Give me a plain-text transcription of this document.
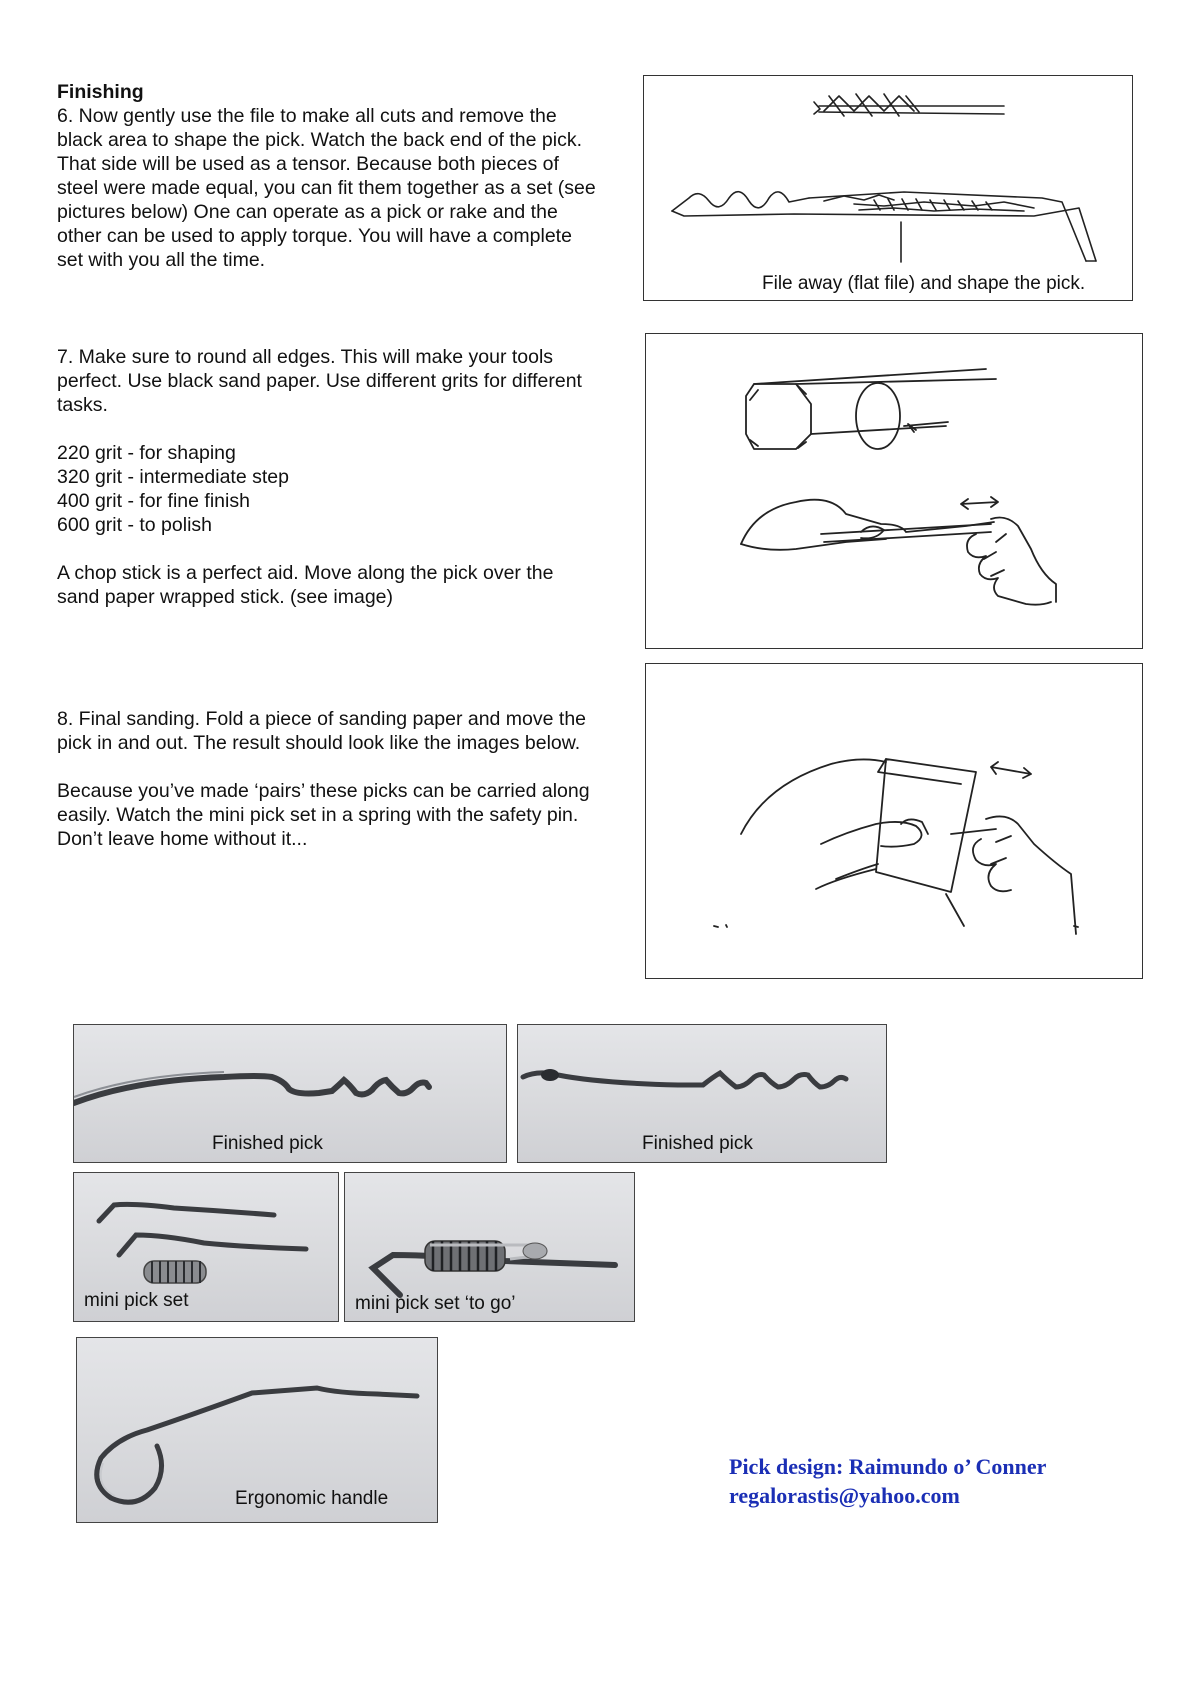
Finishing

6. Now gently use the file to make all cuts and remove the

black area to shape the pick. Watch the back end of the pick.

That side will be used as a tensor. Because both pieces of

steel were made equal, you can fit them together as a set (see

pictures below) One can operate as a pick or rake and the

other can be used to apply torque. You will have a complete

set with you all the time.

File away (flat file) and shape the pick.

7. Make sure to round all edges. This will make your tools

perfect. Use black sand paper. Use different grits for different

tasks.

220 grit - for shaping

320 grit - intermediate step

400 grit - for fine finish

600 grit - to polish

A chop stick is a perfect aid. Move along the pick over the

sand paper wrapped stick. (see image)

8. Final sanding. Fold a piece of sanding paper and move the

pick in and out. The result should look like the images below.

Because you’ve made ‘pairs’ these picks can be carried along

easily. Watch the mini pick set in a spring with the safety pin.

Don’t leave home without it...

Finished pick	Finished pick
mini pick set	mini pick set ‘to go’
Ergonomic handle
Pick design: Raimundo o’ Conner
regalorastis@yahoo.com
